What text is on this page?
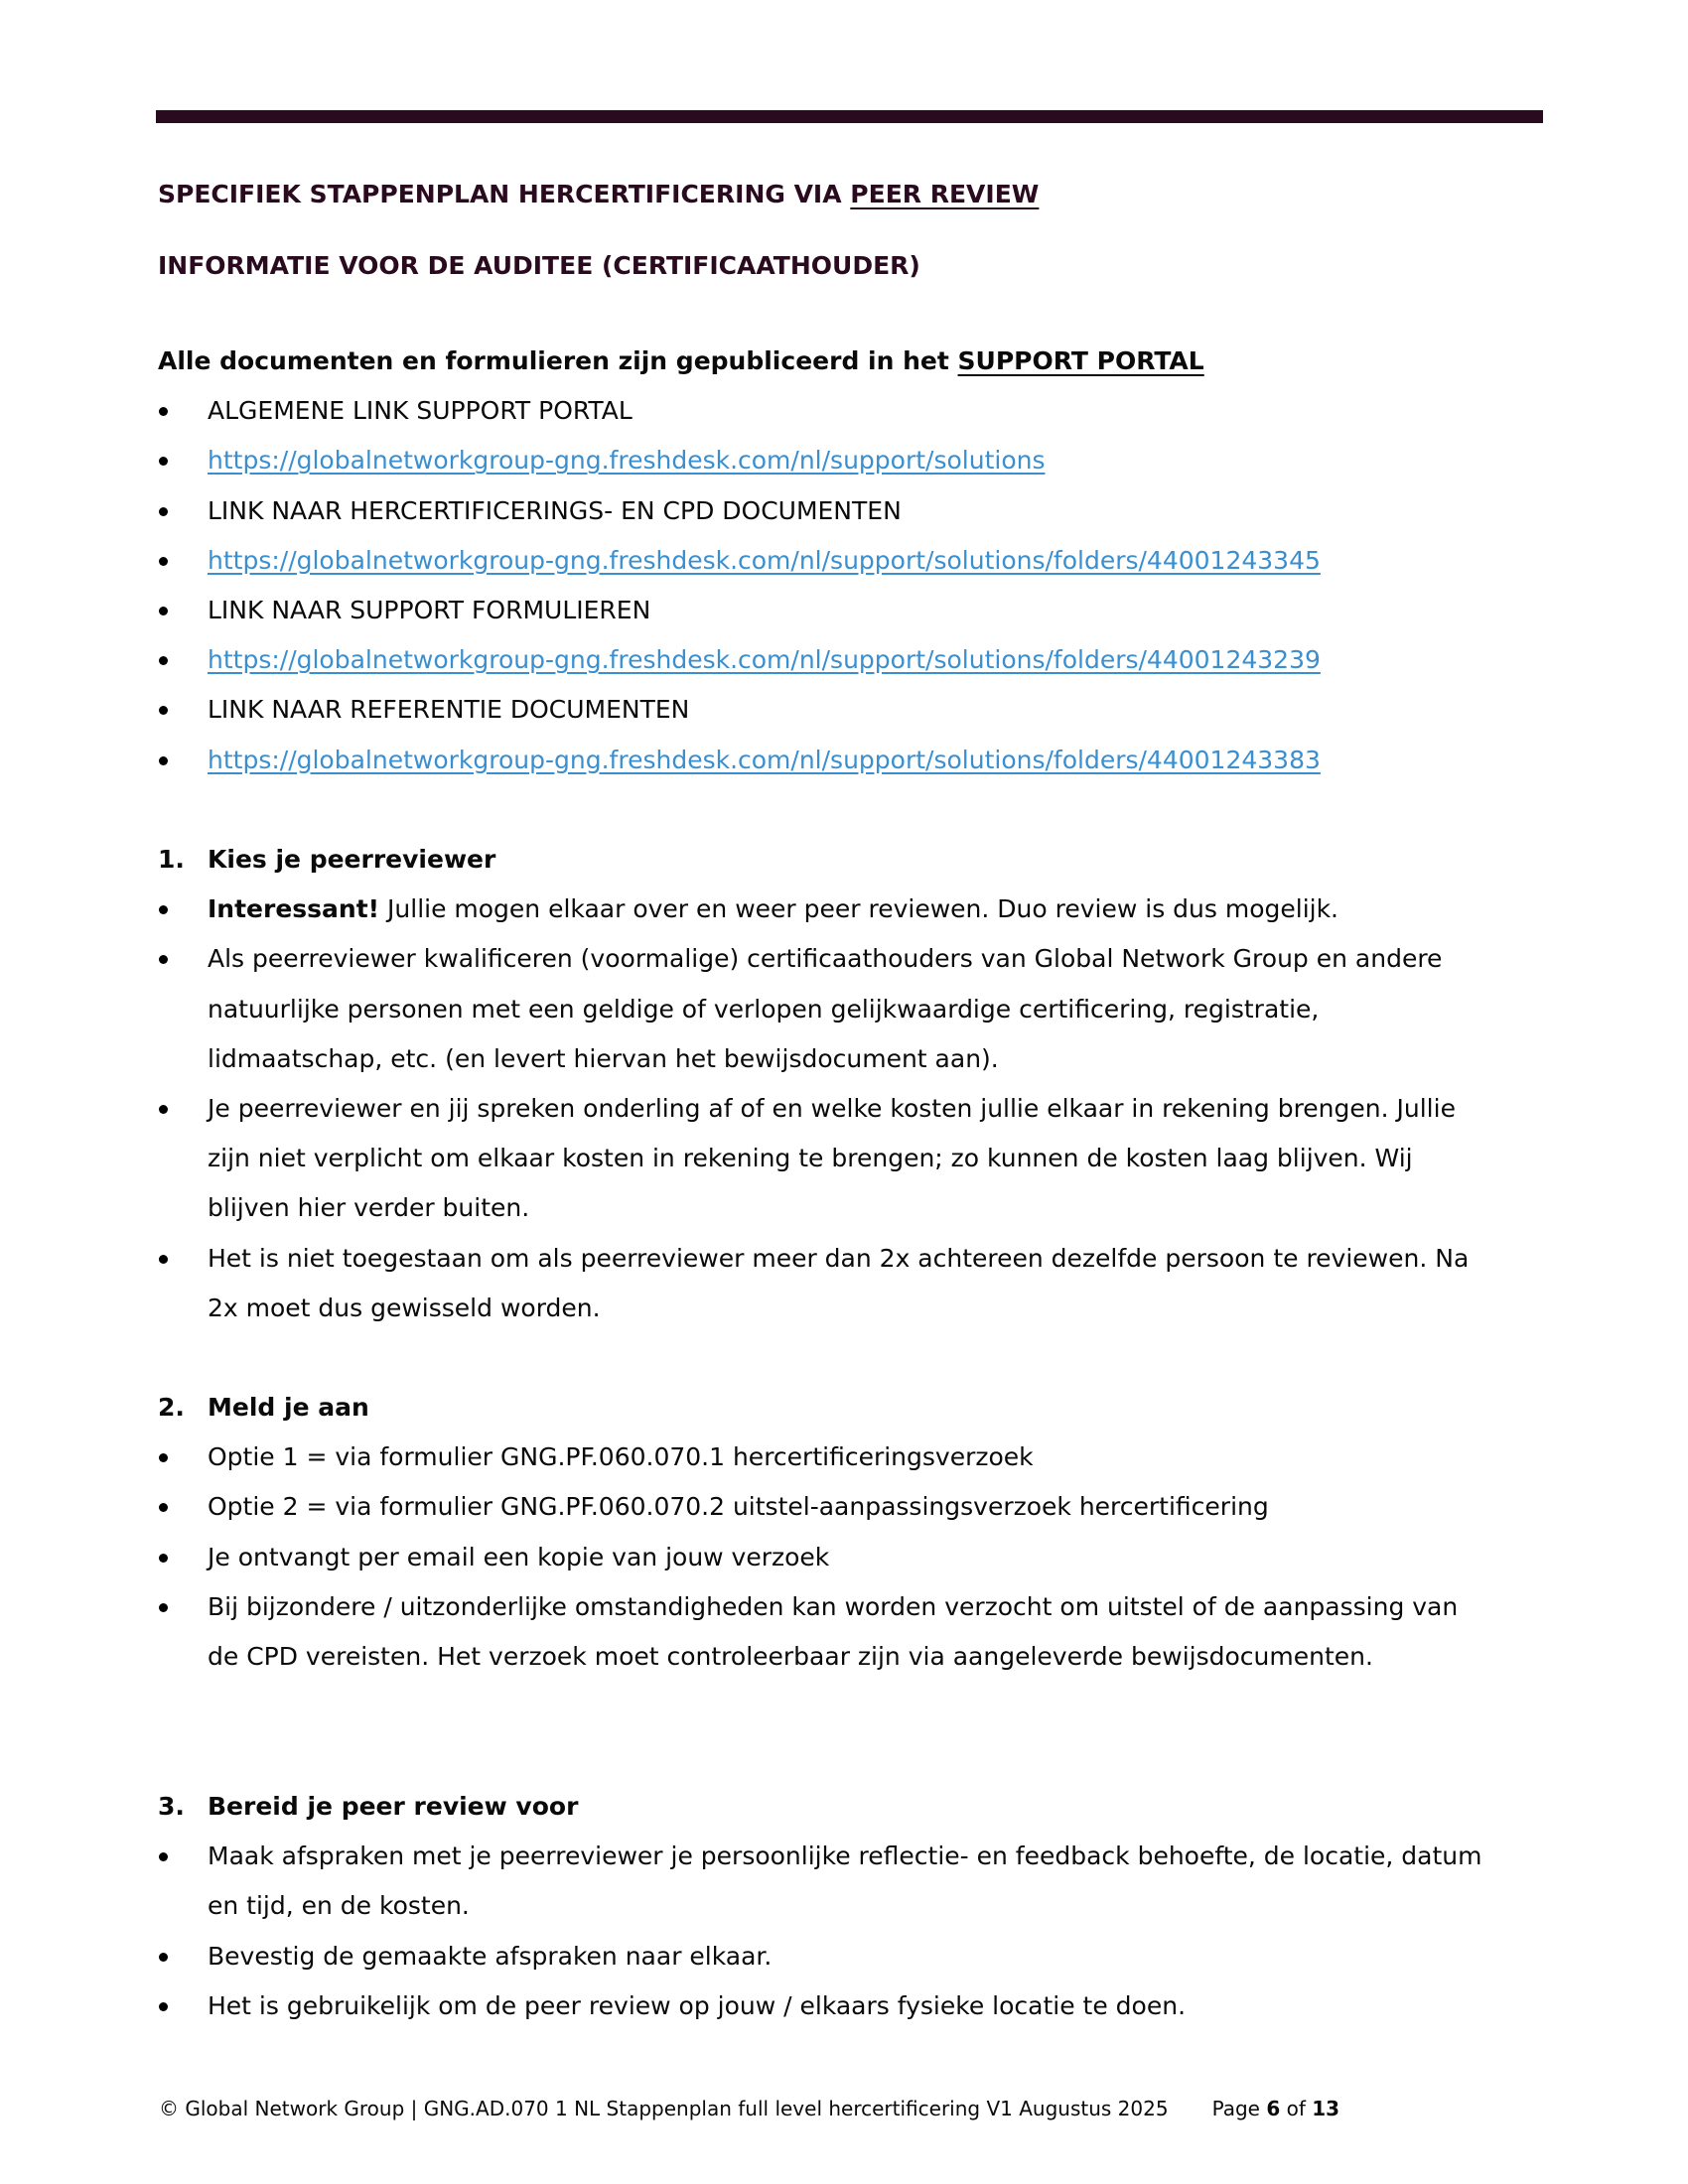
SPECIFIEK STAPPENPLAN HERCERTIFICERING VIA PEER REVIEW
INFORMATIE VOOR DE AUDITEE (CERTIFICAATHOUDER)
Alle documenten en formulieren zijn gepubliceerd in het SUPPORT PORTAL
ALGEMENE LINK SUPPORT PORTAL
https://globalnetworkgroup-gng.freshdesk.com/nl/support/solutions
LINK NAAR HERCERTIFICERINGS- EN CPD DOCUMENTEN
https://globalnetworkgroup-gng.freshdesk.com/nl/support/solutions/folders/44001243345
LINK NAAR SUPPORT FORMULIEREN
https://globalnetworkgroup-gng.freshdesk.com/nl/support/solutions/folders/44001243239
LINK NAAR REFERENTIE DOCUMENTEN
https://globalnetworkgroup-gng.freshdesk.com/nl/support/solutions/folders/44001243383
1. Kies je peerreviewer
Interessant! Jullie mogen elkaar over en weer peer reviewen. Duo review is dus mogelijk.
Als peerreviewer kwalificeren (voormalige) certificaathouders van Global Network Group en andere natuurlijke personen met een geldige of verlopen gelijkwaardige certificering, registratie, lidmaatschap, etc. (en levert hiervan het bewijsdocument aan).
Je peerreviewer en jij spreken onderling af of en welke kosten jullie elkaar in rekening brengen. Jullie zijn niet verplicht om elkaar kosten in rekening te brengen; zo kunnen de kosten laag blijven. Wij blijven hier verder buiten.
Het is niet toegestaan om als peerreviewer meer dan 2x achtereen dezelfde persoon te reviewen. Na 2x moet dus gewisseld worden.
2. Meld je aan
Optie 1 = via formulier GNG.PF.060.070.1 hercertificeringsverzoek
Optie 2 = via formulier GNG.PF.060.070.2 uitstel-aanpassingsverzoek hercertificering
Je ontvangt per email een kopie van jouw verzoek
Bij bijzondere / uitzonderlijke omstandigheden kan worden verzocht om uitstel of de aanpassing van de CPD vereisten. Het verzoek moet controleerbaar zijn via aangeleverde bewijsdocumenten.
3. Bereid je peer review voor
Maak afspraken met je peerreviewer je persoonlijke reflectie- en feedback behoefte, de locatie, datum en tijd, en de kosten.
Bevestig de gemaakte afspraken naar elkaar.
Het is gebruikelijk om de peer review op jouw / elkaars fysieke locatie te doen.
© Global Network Group | GNG.AD.070 1 NL Stappenplan full level hercertificering V1 Augustus 2025 Page 6 of 13
